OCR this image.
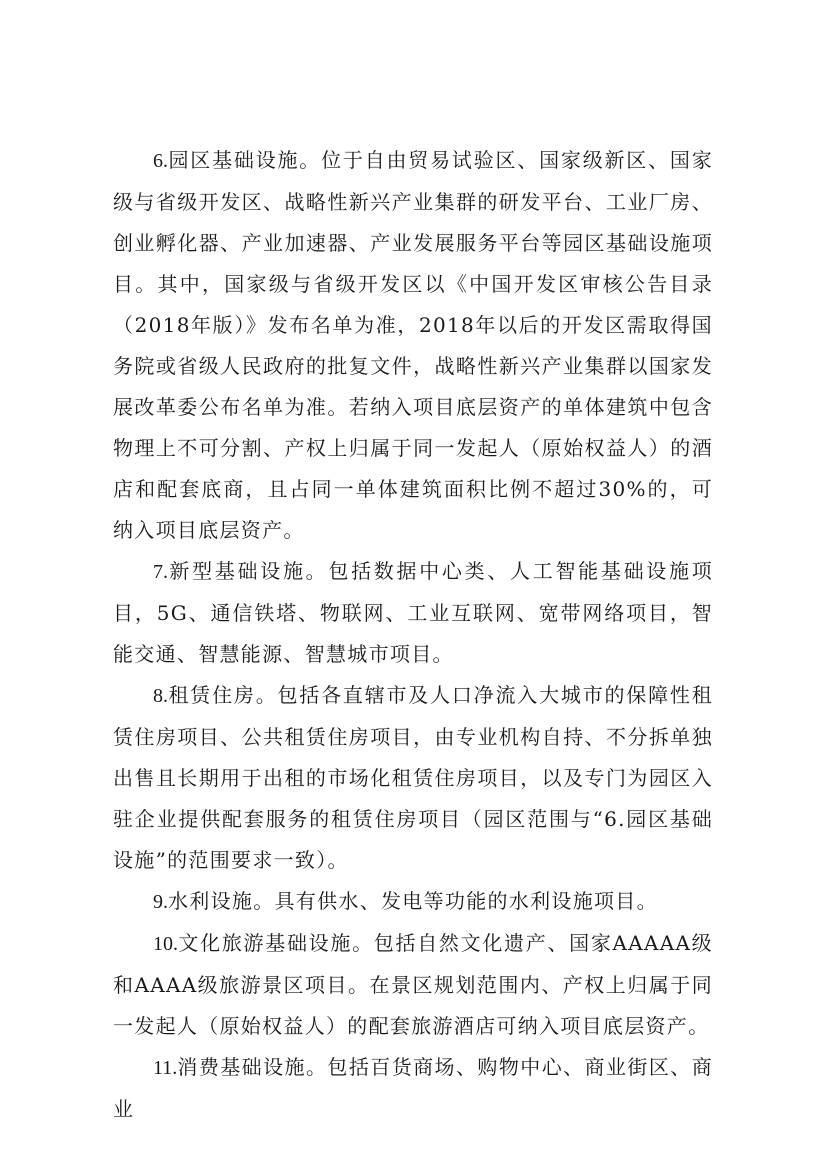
6.园区基础设施。位于自由贸易试验区、国家级新区、国家级与省级开发区、战略性新兴产业集群的研发平台、工业厂房、创业孵化器、产业加速器、产业发展服务平台等园区基础设施项目。其中，国家级与省级开发区以《中国开发区审核公告目录（2018年版）》发布名单为准，2018年以后的开发区需取得国务院或省级人民政府的批复文件，战略性新兴产业集群以国家发展改革委公布名单为准。若纳入项目底层资产的单体建筑中包含物理上不可分割、产权上归属于同一发起人（原始权益人）的酒店和配套底商，且占同一单体建筑面积比例不超过30%的，可纳入项目底层资产。

7.新型基础设施。包括数据中心类、人工智能基础设施项目，5G、通信铁塔、物联网、工业互联网、宽带网络项目，智能交通、智慧能源、智慧城市项目。

8.租赁住房。包括各直辖市及人口净流入大城市的保障性租赁住房项目、公共租赁住房项目，由专业机构自持、不分拆单独出售且长期用于出租的市场化租赁住房项目，以及专门为园区入驻企业提供配套服务的租赁住房项目（园区范围与“6.园区基础设施”的范围要求一致）。

9.水利设施。具有供水、发电等功能的水利设施项目。

10.文化旅游基础设施。包括自然文化遗产、国家AAAAA级和AAAA级旅游景区项目。在景区规划范围内、产权上归属于同一发起人（原始权益人）的配套旅游酒店可纳入项目底层资产。

11.消费基础设施。包括百货商场、购物中心、商业街区、商业
